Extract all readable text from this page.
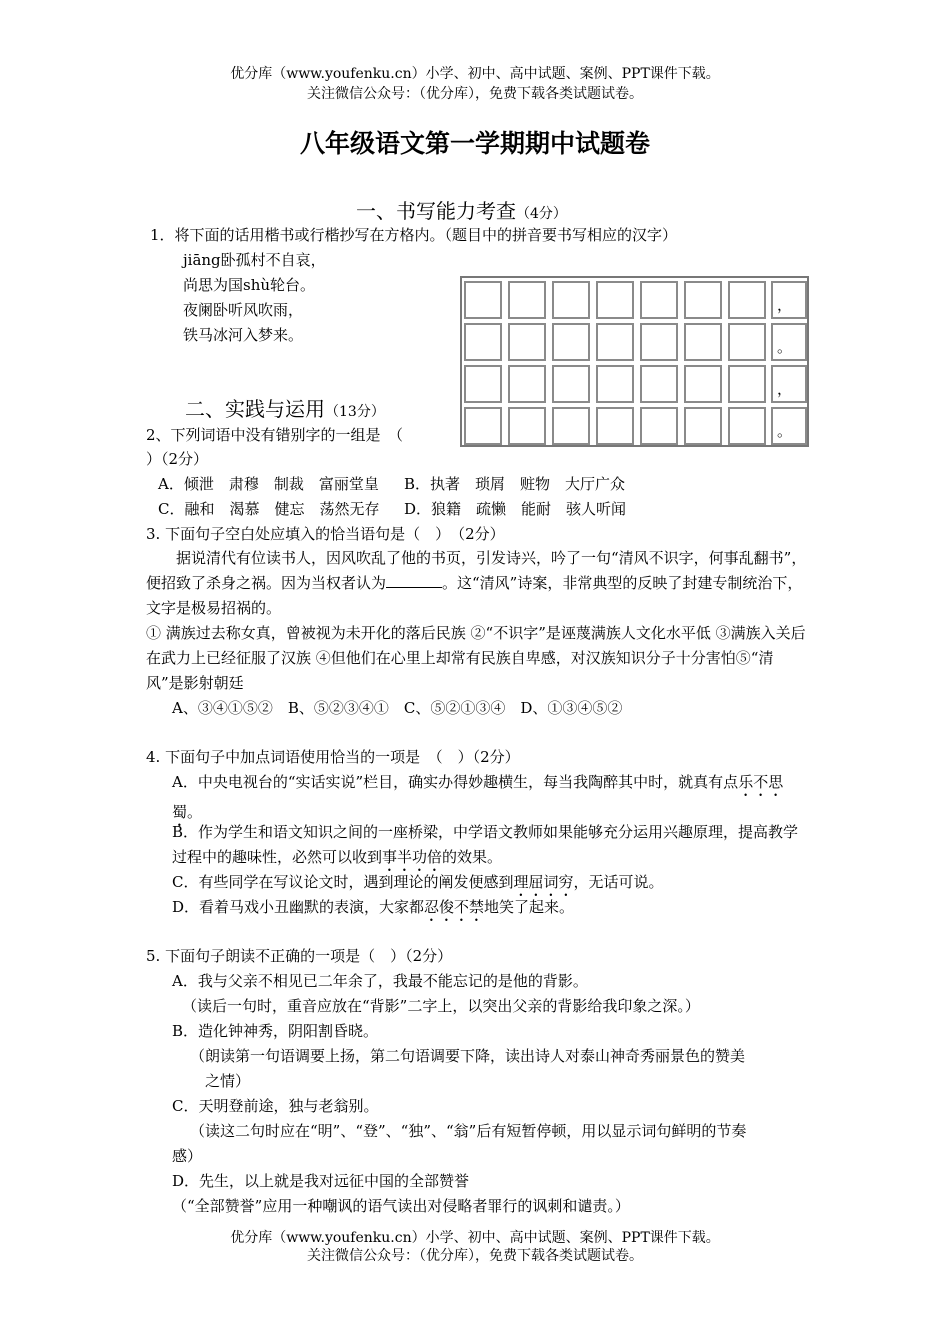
优分库（www.youfenku.cn）小学、初中、高中试题、案例、PPT课件下载。
关注微信公众号：（优分库），免费下载各类试题试卷。
八年级语文第一学期期中试题卷
一、书写能力考查（4分）
1．将下面的话用楷书或行楷抄写在方格内。（题目中的拼音要书写相应的汉字）
jiāng卧孤村不自哀，
尚思为国shù轮台。
夜阑卧听风吹雨，
铁马冰河入梦来。
，
。
，
。
二、实践与运用（13分）
2、下列词语中没有错别字的一组是　（
）（2分）
A．倾泄　肃穆　制裁　富丽堂皇 B．执著　琐屑　赃物　大厅广众
C．融和　渴慕　健忘　荡然无存 D．狼籍　疏懒　能耐　骇人听闻
3. 下面句子空白处应填入的恰当语句是（　）　（2分）
据说清代有位读书人，因风吹乱了他的书页，引发诗兴，吟了一句“清风不识字，何事乱翻书”，便招致了杀身之祸。因为当权者认为	。这“清风”诗案，非常典型的反映了封建专制统治下，文字是极易招祸的。
① 满族过去称女真，曾被视为未开化的落后民族 ②“不识字”是诬蔑满族人文化水平低 ③满族入关后在武力上已经征服了汉族 ④但他们在心里上却常有民族自卑感，对汉族知识分子十分害怕⑤“清风”是影射朝廷
A、③④①⑤②　B、⑤②③④①　C、⑤②①③④　D、①③④⑤②
4. 下面句子中加点词语使用恰当的一项是　（　）（2分）
A．中央电视台的“实话实说”栏目，确实办得妙趣横生，每当我陶醉其中时，就真有点乐不思蜀。
B．作为学生和语文知识之间的一座桥梁，中学语文教师如果能够充分运用兴趣原理，提高教学过程中的趣味性，必然可以收到事半功倍的效果。
C．有些同学在写议论文时，遇到理论的阐发便感到理屈词穷，无话可说。
D．看着马戏小丑幽默的表演，大家都忍俊不禁地笑了起来。
5. 下面句子朗读不正确的一项是（　）（2分）
A．我与父亲不相见已二年余了，我最不能忘记的是他的背影。
（读后一句时，重音应放在“背影”二字上，以突出父亲的背影给我印象之深。）
B．造化钟神秀，阴阳割昏晓。
（朗读第一句语调要上扬，第二句语调要下降，读出诗人对泰山神奇秀丽景色的赞美
之情）
C．天明登前途，独与老翁别。
（读这二句时应在“明”、“登”、“独”、“翁”后有短暂停顿，用以显示词句鲜明的节奏
感）
D．先生，以上就是我对远征中国的全部赞誉
（“全部赞誉”应用一种嘲讽的语气读出对侵略者罪行的讽刺和谴责。）
优分库（www.youfenku.cn）小学、初中、高中试题、案例、PPT课件下载。
关注微信公众号：（优分库），免费下载各类试题试卷。
